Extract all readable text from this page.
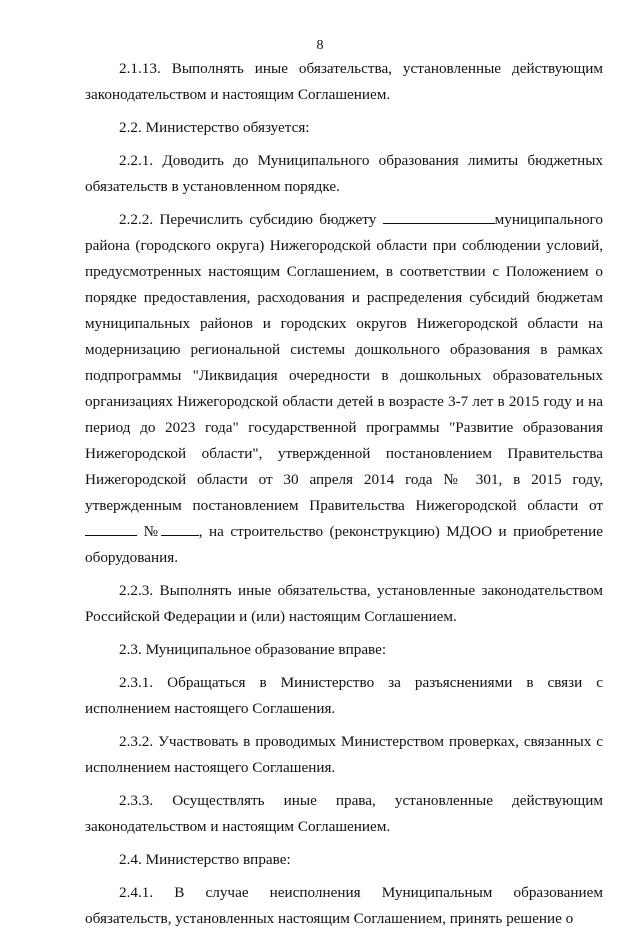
8

2.1.13. Выполнять иные обязательства, установленные действующим законодательством и настоящим Соглашением.

2.2. Министерство обязуется:

2.2.1. Доводить до Муниципального образования лимиты бюджетных обязательств в установленном порядке.

2.2.2. Перечислить субсидию бюджету	муниципального района (городского округа) Нижегородской области при соблюдении условий, предусмотренных настоящим Соглашением, в соответствии с Положением о порядке предоставления, расходования и распределения субсидий бюджетам муниципальных районов и городских округов Нижегородской области на модернизацию региональной системы дошкольного образования в рамках подпрограммы "Ликвидация очередности в дошкольных образовательных организациях Нижегородской области детей в возрасте 3-7 лет в 2015 году и на период до 2023 года" государственной программы "Развитие образования Нижегородской области", утвержденной постановлением Правительства Нижегородской области от 30 апреля 2014 года № 301, в 2015 году, утвержденным постановлением Правительства Нижегородской области от №	, на строительство (реконструкцию) МДОО и приобретение оборудования.

2.2.3. Выполнять иные обязательства, установленные законодательством Российской Федерации и (или) настоящим Соглашением.

2.3. Муниципальное образование вправе:

2.3.1. Обращаться в Министерство за разъяснениями в связи с исполнением настоящего Соглашения.

2.3.2. Участвовать в проводимых Министерством проверках, связанных с исполнением настоящего Соглашения.

2.3.3. Осуществлять иные права, установленные действующим законодательством и настоящим Соглашением.

2.4. Министерство вправе:

2.4.1. В случае неисполнения Муниципальным образованием обязательств, установленных настоящим Соглашением, принять решение о
